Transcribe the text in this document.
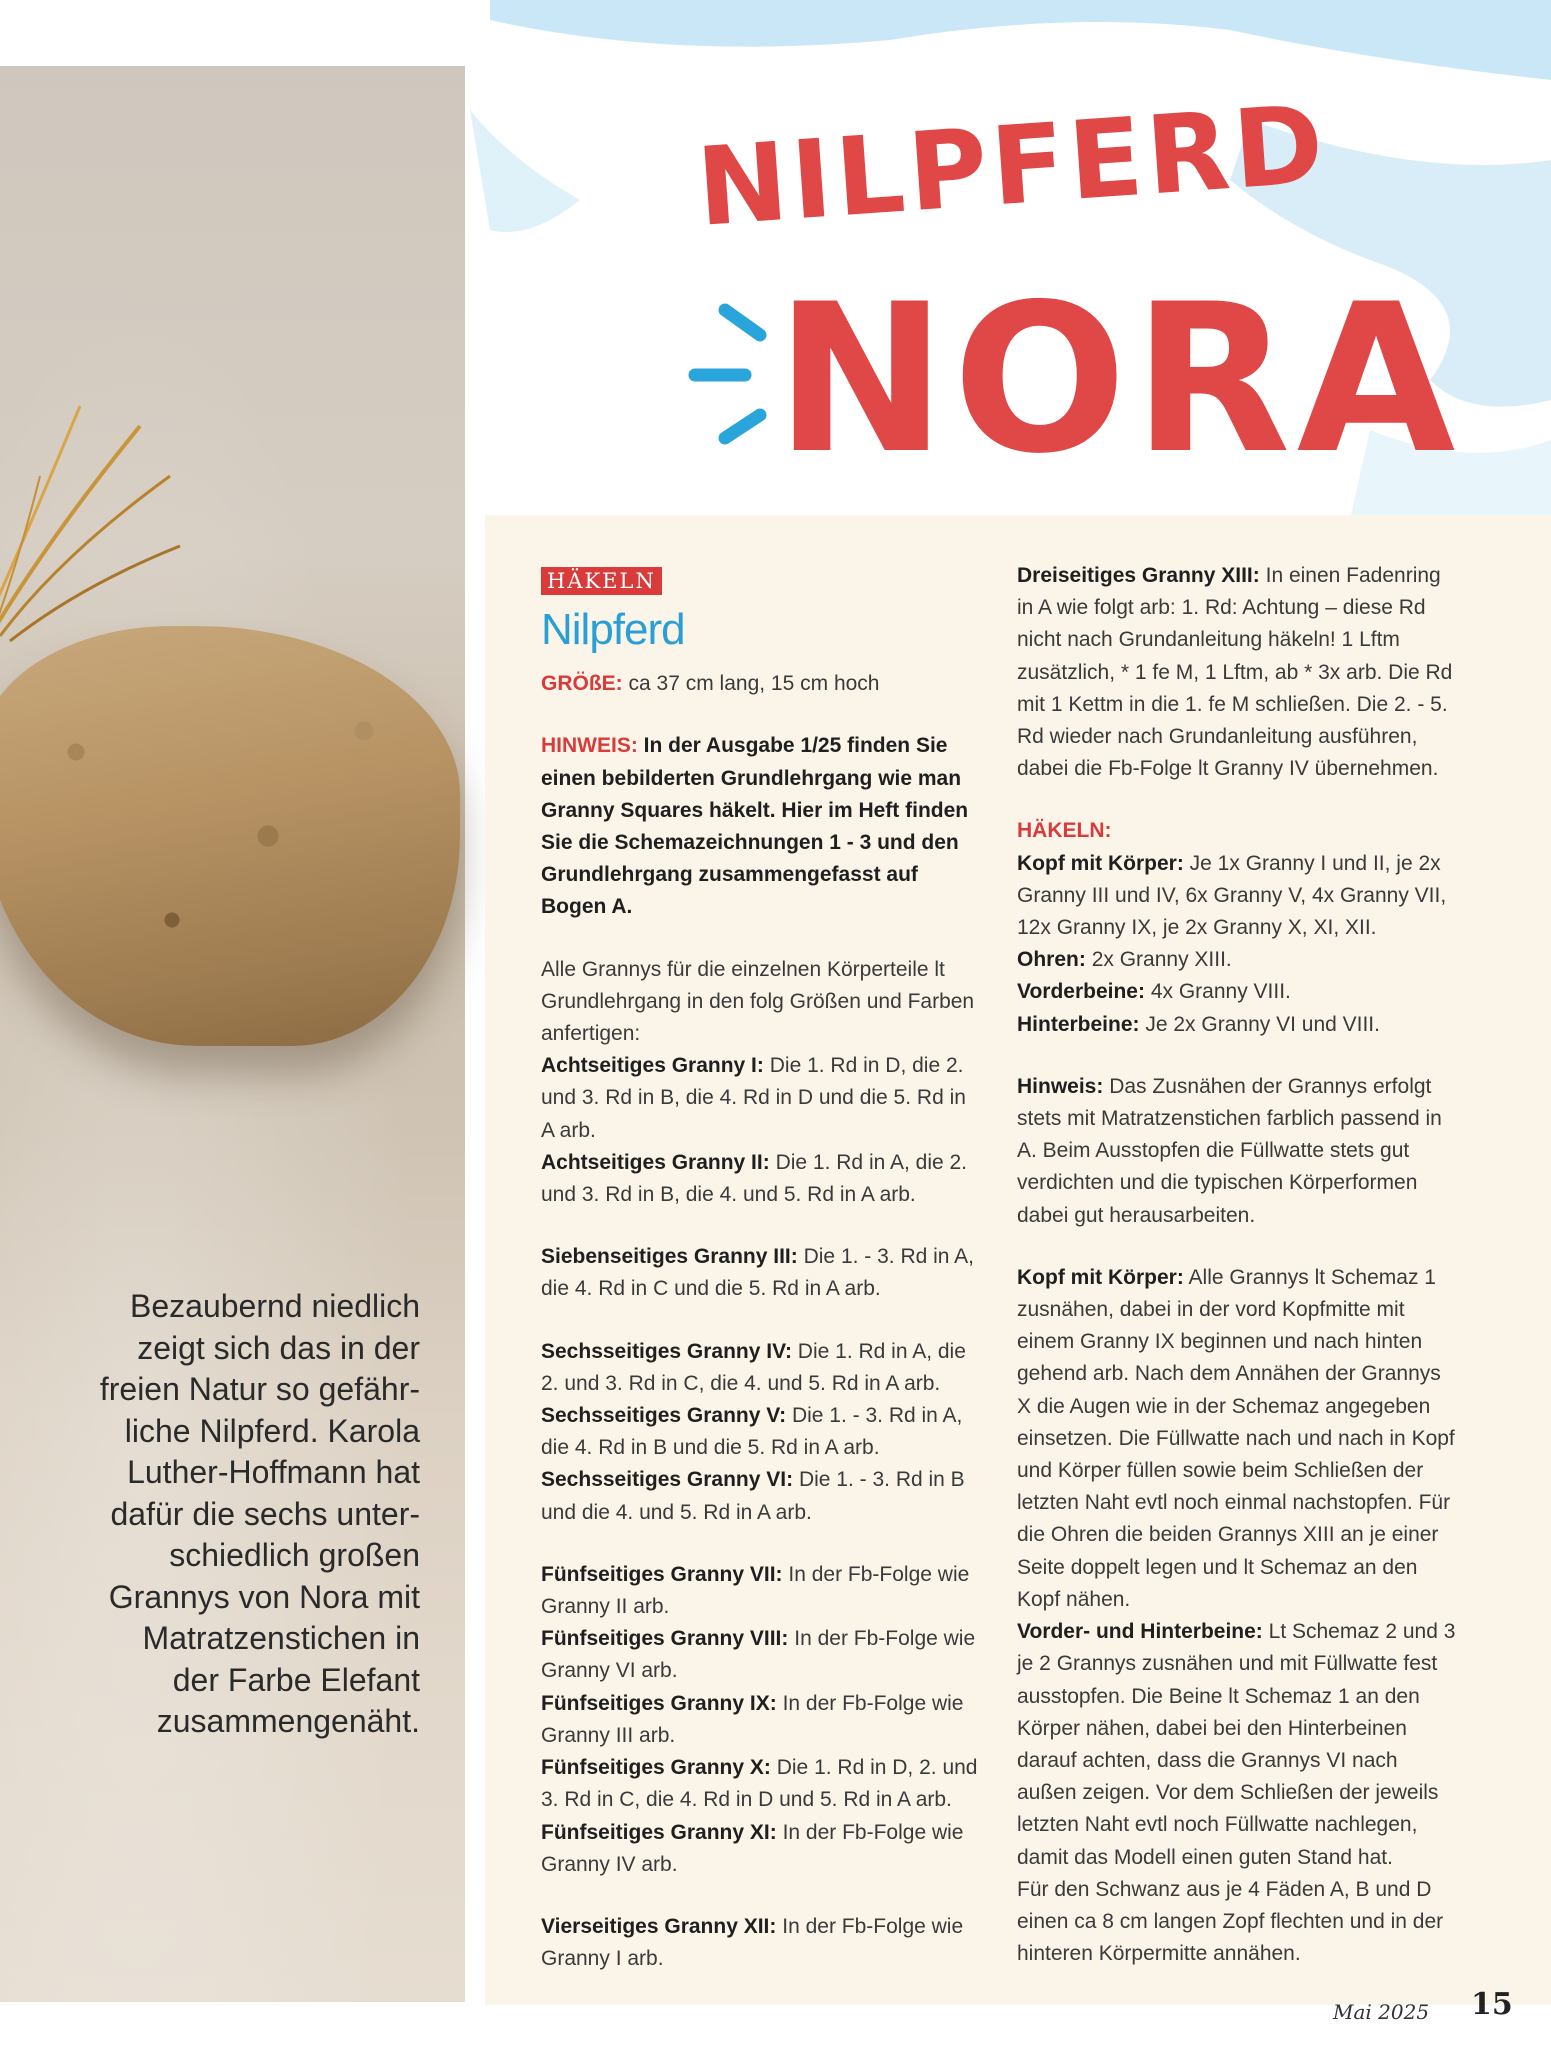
Bezaubernd niedlich
zeigt sich das in der
freien Natur so gefähr-
liche Nilpferd. Karola
Luther-Hoffmann hat
dafür die sechs unter-
schiedlich großen
Grannys von Nora mit
Matratzenstichen in
der Farbe Elefant
zusammengenäht.
NILPFERD
NORA
HÄKELN
Nilpferd

GRÖßE: ca 37 cm lang, 15 cm hoch

HINWEIS: In der Ausgabe 1/25 finden Sie einen bebilderten Grundlehrgang wie man Granny Squares häkelt. Hier im Heft finden Sie die Schemazeichnungen 1 - 3 und den Grundlehrgang zusammengefasst auf Bogen A.

Alle Grannys für die einzelnen Körperteile lt Grundlehrgang in den folg Größen und Farben anfertigen:

Achtseitiges Granny I: Die 1. Rd in D, die 2. und 3. Rd in B, die 4. Rd in D und die 5. Rd in A arb.

Achtseitiges Granny II: Die 1. Rd in A, die 2. und 3. Rd in B, die 4. und 5. Rd in A arb.

Siebenseitiges Granny III: Die 1. - 3. Rd in A, die 4. Rd in C und die 5. Rd in A arb.

Sechsseitiges Granny IV: Die 1. Rd in A, die 2. und 3. Rd in C, die 4. und 5. Rd in A arb.

Sechsseitiges Granny V: Die 1. - 3. Rd in A, die 4. Rd in B und die 5. Rd in A arb.

Sechsseitiges Granny VI: Die 1. - 3. Rd in B und die 4. und 5. Rd in A arb.

Fünfseitiges Granny VII: In der Fb-Folge wie Granny II arb.

Fünfseitiges Granny VIII: In der Fb-Folge wie Granny VI arb.

Fünfseitiges Granny IX: In der Fb-Folge wie Granny III arb.

Fünfseitiges Granny X: Die 1. Rd in D, 2. und 3. Rd in C, die 4. Rd in D und 5. Rd in A arb.

Fünfseitiges Granny XI: In der Fb-Folge wie Granny IV arb.

Vierseitiges Granny XII: In der Fb-Folge wie Granny I arb.

Dreiseitiges Granny XIII: In einen Fadenring in A wie folgt arb: 1. Rd: Achtung – diese Rd nicht nach Grundanleitung häkeln! 1 Lftm zusätzlich, * 1 fe M, 1 Lftm, ab * 3x arb. Die Rd mit 1 Kettm in die 1. fe M schließen. Die 2. - 5. Rd wieder nach Grundanleitung ausführen, dabei die Fb-Folge lt Granny IV übernehmen.

HÄKELN:

Kopf mit Körper: Je 1x Granny I und II, je 2x Granny III und IV, 6x Granny V, 4x Granny VII, 12x Granny IX, je 2x Granny X, XI, XII.

Ohren: 2x Granny XIII.

Vorderbeine: 4x Granny VIII.

Hinterbeine: Je 2x Granny VI und VIII.

Hinweis: Das Zusnähen der Grannys erfolgt stets mit Matratzenstichen farblich passend in A. Beim Ausstopfen die Füllwatte stets gut verdichten und die typischen Körperformen dabei gut herausarbeiten.

Kopf mit Körper: Alle Grannys lt Schemaz 1 zusnähen, dabei in der vord Kopfmitte mit einem Granny IX beginnen und nach hinten gehend arb. Nach dem Annähen der Grannys X die Augen wie in der Schemaz angegeben einsetzen. Die Füllwatte nach und nach in Kopf und Körper füllen sowie beim Schließen der letzten Naht evtl noch einmal nachstopfen. Für die Ohren die beiden Grannys XIII an je einer Seite doppelt legen und lt Schemaz an den Kopf nähen.

Vorder- und Hinterbeine: Lt Schemaz 2 und 3 je 2 Grannys zusnähen und mit Füllwatte fest ausstopfen. Die Beine lt Schemaz 1 an den Körper nähen, dabei bei den Hinterbeinen darauf achten, dass die Grannys VI nach außen zeigen. Vor dem Schließen der jeweils letzten Naht evtl noch Füllwatte nachlegen, damit das Modell einen guten Stand hat.

Für den Schwanz aus je 4 Fäden A, B und D einen ca 8 cm langen Zopf flechten und in der hinteren Körpermitte annähen.

Mai 2025 15
